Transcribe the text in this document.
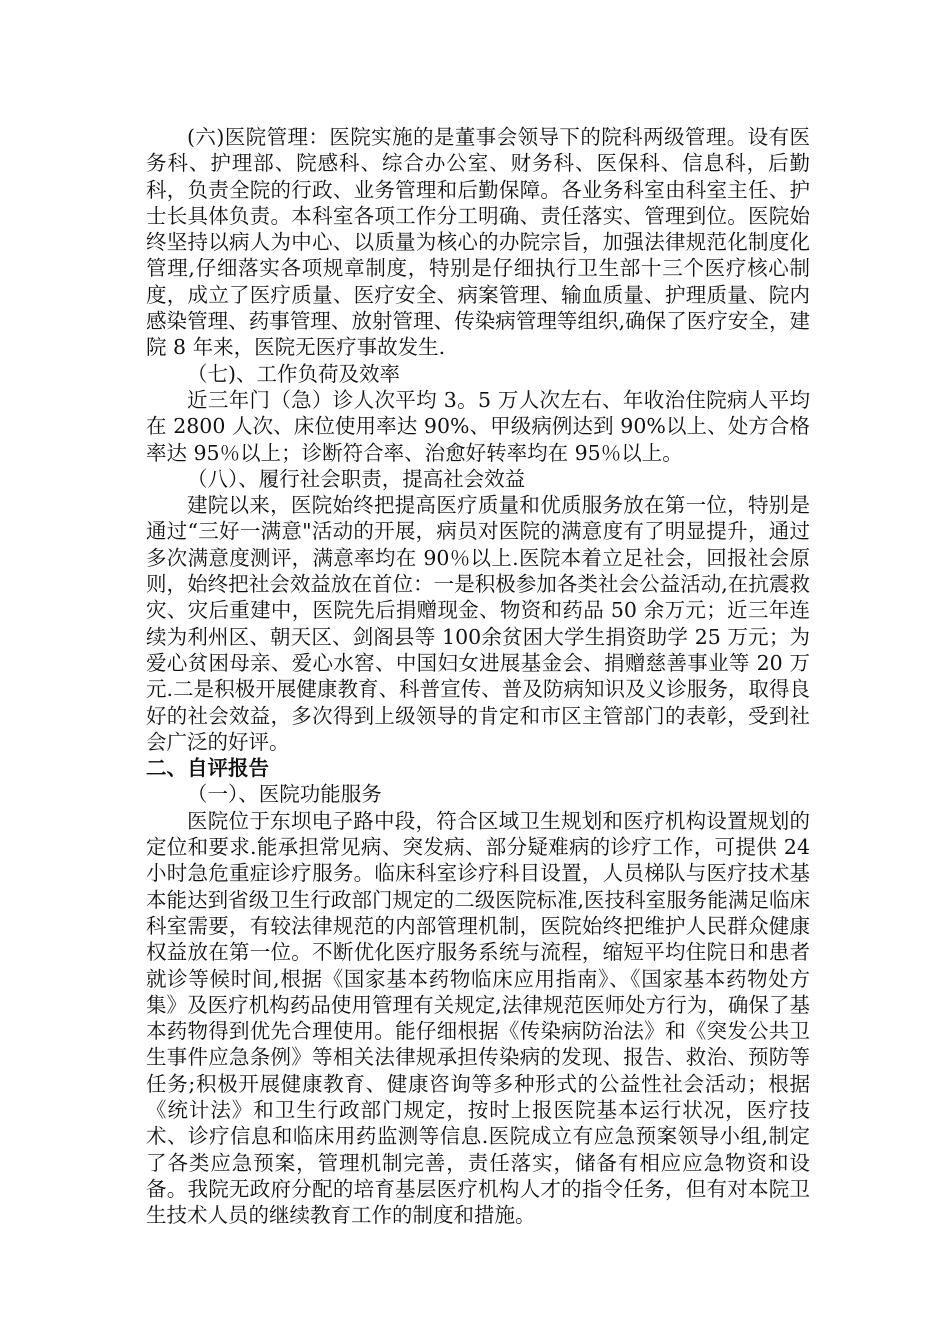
(六)医院管理：医院实施的是董事会领导下的院科两级管理。设有医务科、护理部、院感科、综合办公室、财务科、医保科、信息科，后勤科，负责全院的行政、业务管理和后勤保障。各业务科室由科室主任、护士长具体负责。本科室各项工作分工明确、责任落实、管理到位。医院始终坚持以病人为中心、以质量为核心的办院宗旨，加强法律规范化制度化管理,仔细落实各项规章制度，特别是仔细执行卫生部十三个医疗核心制度，成立了医疗质量、医疗安全、病案管理、输血质量、护理质量、院内感染管理、药事管理、放射管理、传染病管理等组织,确保了医疗安全，建院 8 年来，医院无医疗事故发生.

（七)、工作负荷及效率

近三年门（急）诊人次平均 3。5 万人次左右、年收治住院病人平均在 2800 人次、床位使用率达 90%、甲级病例达到 90%以上、处方合格率达 95％以上；诊断符合率、治愈好转率均在 95％以上。

（八）、履行社会职责，提高社会效益

建院以来，医院始终把提高医疗质量和优质服务放在第一位，特别是通过“三好一满意"活动的开展，病员对医院的满意度有了明显提升，通过多次满意度测评，满意率均在 90％以上.医院本着立足社会，回报社会原则，始终把社会效益放在首位：一是积极参加各类社会公益活动,在抗震救灾、灾后重建中，医院先后捐赠现金、物资和药品 50 余万元；近三年连续为利州区、朝天区、剑阁县等 100余贫困大学生捐资助学 25 万元；为爱心贫困母亲、爱心水窖、中国妇女进展基金会、捐赠慈善事业等 20 万元.二是积极开展健康教育、科普宣传、普及防病知识及义诊服务，取得良好的社会效益，多次得到上级领导的肯定和市区主管部门的表彰，受到社会广泛的好评。

二、自评报告

（一）、医院功能服务

医院位于东坝电子路中段，符合区域卫生规划和医疗机构设置规划的定位和要求.能承担常见病、突发病、部分疑难病的诊疗工作，可提供 24 小时急危重症诊疗服务。临床科室诊疗科目设置，人员梯队与医疗技术基本能达到省级卫生行政部门规定的二级医院标准,医技科室服务能满足临床科室需要，有较法律规范的内部管理机制，医院始终把维护人民群众健康权益放在第一位。不断优化医疗服务系统与流程，缩短平均住院日和患者就诊等候时间,根据《国家基本药物临床应用指南》、《国家基本药物处方集》及医疗机构药品使用管理有关规定,法律规范医师处方行为，确保了基本药物得到优先合理使用。能仔细根据《传染病防治法》和《突发公共卫生事件应急条例》等相关法律规承担传染病的发现、报告、救治、预防等任务;积极开展健康教育、健康咨询等多种形式的公益性社会活动；根据《统计法》和卫生行政部门规定，按时上报医院基本运行状况，医疗技术、诊疗信息和临床用药监测等信息.医院成立有应急预案领导小组,制定了各类应急预案，管理机制完善，责任落实，储备有相应应急物资和设备。我院无政府分配的培育基层医疗机构人才的指令任务，但有对本院卫生技术人员的继续教育工作的制度和措施。
